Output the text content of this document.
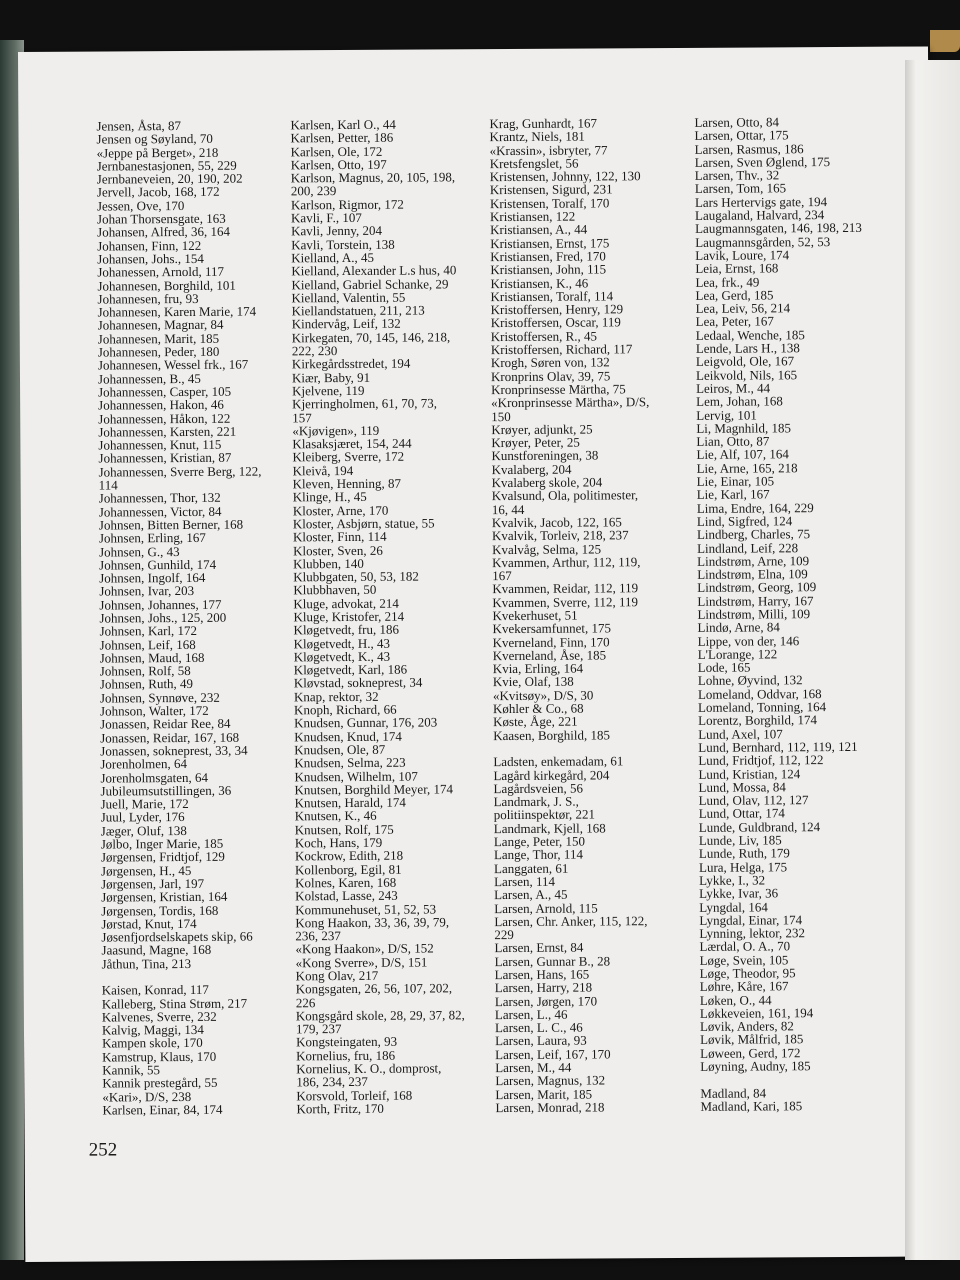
Jensen, Åsta, 87
Jensen og Søyland, 70
«Jeppe på Berget», 218
Jernbanestasjonen, 55, 229
Jernbaneveien, 20, 190, 202
Jervell, Jacob, 168, 172
Jessen, Ove, 170
Johan Thorsensgate, 163
Johansen, Alfred, 36, 164
Johansen, Finn, 122
Johansen, Johs., 154
Johanessen, Arnold, 117
Johannesen, Borghild, 101
Johannesen, fru, 93
Johannesen, Karen Marie, 174
Johannesen, Magnar, 84
Johannesen, Marit, 185
Johannesen, Peder, 180
Johannesen, Wessel frk., 167
Johannessen, B., 45
Johannessen, Casper, 105
Johannessen, Hakon, 46
Johannessen, Håkon, 122
Johannessen, Karsten, 221
Johannessen, Knut, 115
Johannessen, Kristian, 87
Johannessen, Sverre Berg, 122,
114
Johannessen, Thor, 132
Johannessen, Victor, 84
Johnsen, Bitten Berner, 168
Johnsen, Erling, 167
Johnsen, G., 43
Johnsen, Gunhild, 174
Johnsen, Ingolf, 164
Johnsen, Ivar, 203
Johnsen, Johannes, 177
Johnsen, Johs., 125, 200
Johnsen, Karl, 172
Johnsen, Leif, 168
Johnsen, Maud, 168
Johnsen, Rolf, 58
Johnsen, Ruth, 49
Johnsen, Synnøve, 232
Johnson, Walter, 172
Jonassen, Reidar Ree, 84
Jonassen, Reidar, 167, 168
Jonassen, sokneprest, 33, 34
Jorenholmen, 64
Jorenholmsgaten, 64
Jubileumsutstillingen, 36
Juell, Marie, 172
Juul, Lyder, 176
Jæger, Oluf, 138
Jølbo, Inger Marie, 185
Jørgensen, Fridtjof, 129
Jørgensen, H., 45
Jørgensen, Jarl, 197
Jørgensen, Kristian, 164
Jørgensen, Tordis, 168
Jørstad, Knut, 174
Jøsenfjordselskapets skip, 66
Jaasund, Magne, 168
Jåthun, Tina, 213
Kaisen, Konrad, 117
Kalleberg, Stina Strøm, 217
Kalvenes, Sverre, 232
Kalvig, Maggi, 134
Kampen skole, 170
Kamstrup, Klaus, 170
Kannik, 55
Kannik prestegård, 55
«Kari», D/S, 238
Karlsen, Einar, 84, 174
Karlsen, Karl O., 44
Karlsen, Petter, 186
Karlsen, Ole, 172
Karlsen, Otto, 197
Karlson, Magnus, 20, 105, 198,
200, 239
Karlson, Rigmor, 172
Kavli, F., 107
Kavli, Jenny, 204
Kavli, Torstein, 138
Kielland, A., 45
Kielland, Alexander L.s hus, 40
Kielland, Gabriel Schanke, 29
Kielland, Valentin, 55
Kiellandstatuen, 211, 213
Kindervåg, Leif, 132
Kirkegaten, 70, 145, 146, 218,
222, 230
Kirkegårdsstredet, 194
Kiær, Baby, 91
Kjelvene, 119
Kjerringholmen, 61, 70, 73,
157
«Kjøvigen», 119
Klasaksjæret, 154, 244
Kleiberg, Sverre, 172
Kleivå, 194
Kleven, Henning, 87
Klinge, H., 45
Kloster, Arne, 170
Kloster, Asbjørn, statue, 55
Kloster, Finn, 114
Kloster, Sven, 26
Klubben, 140
Klubbgaten, 50, 53, 182
Klubbhaven, 50
Kluge, advokat, 214
Kluge, Kristofer, 214
Kløgetvedt, fru, 186
Kløgetvedt, H., 43
Kløgetvedt, K., 43
Kløgetvedt, Karl, 186
Kløvstad, sokneprest, 34
Knap, rektor, 32
Knoph, Richard, 66
Knudsen, Gunnar, 176, 203
Knudsen, Knud, 174
Knudsen, Ole, 87
Knudsen, Selma, 223
Knudsen, Wilhelm, 107
Knutsen, Borghild Meyer, 174
Knutsen, Harald, 174
Knutsen, K., 46
Knutsen, Rolf, 175
Koch, Hans, 179
Kockrow, Edith, 218
Kollenborg, Egil, 81
Kolnes, Karen, 168
Kolstad, Lasse, 243
Kommunehuset, 51, 52, 53
Kong Haakon, 33, 36, 39, 79,
236, 237
«Kong Haakon», D/S, 152
«Kong Sverre», D/S, 151
Kong Olav, 217
Kongsgaten, 26, 56, 107, 202,
226
Kongsgård skole, 28, 29, 37, 82,
179, 237
Kongsteingaten, 93
Kornelius, fru, 186
Kornelius, K. O., domprost,
186, 234, 237
Korsvold, Torleif, 168
Korth, Fritz, 170
Krag, Gunhardt, 167
Krantz, Niels, 181
«Krassin», isbryter, 77
Kretsfengslet, 56
Kristensen, Johnny, 122, 130
Kristensen, Sigurd, 231
Kristensen, Toralf, 170
Kristiansen, 122
Kristiansen, A., 44
Kristiansen, Ernst, 175
Kristiansen, Fred, 170
Kristiansen, John, 115
Kristiansen, K., 46
Kristiansen, Toralf, 114
Kristoffersen, Henry, 129
Kristoffersen, Oscar, 119
Kristoffersen, R., 45
Kristoffersen, Richard, 117
Krogh, Søren von, 132
Kronprins Olav, 39, 75
Kronprinsesse Märtha, 75
«Kronprinsesse Märtha», D/S,
150
Krøyer, adjunkt, 25
Krøyer, Peter, 25
Kunstforeningen, 38
Kvalaberg, 204
Kvalaberg skole, 204
Kvalsund, Ola, politimester,
16, 44
Kvalvik, Jacob, 122, 165
Kvalvik, Torleiv, 218, 237
Kvalvåg, Selma, 125
Kvammen, Arthur, 112, 119,
167
Kvammen, Reidar, 112, 119
Kvammen, Sverre, 112, 119
Kvekerhuset, 51
Kvekersamfunnet, 175
Kverneland, Finn, 170
Kverneland, Åse, 185
Kvia, Erling, 164
Kvie, Olaf, 138
«Kvitsøy», D/S, 30
Køhler & Co., 68
Køste, Åge, 221
Kaasen, Borghild, 185
Ladsten, enkemadam, 61
Lagård kirkegård, 204
Lagårdsveien, 56
Landmark, J. S.,
politiinspektør, 221
Landmark, Kjell, 168
Lange, Peter, 150
Lange, Thor, 114
Langgaten, 61
Larsen, 114
Larsen, A., 45
Larsen, Arnold, 115
Larsen, Chr. Anker, 115, 122,
229
Larsen, Ernst, 84
Larsen, Gunnar B., 28
Larsen, Hans, 165
Larsen, Harry, 218
Larsen, Jørgen, 170
Larsen, L., 46
Larsen, L. C., 46
Larsen, Laura, 93
Larsen, Leif, 167, 170
Larsen, M., 44
Larsen, Magnus, 132
Larsen, Marit, 185
Larsen, Monrad, 218
Larsen, Otto, 84
Larsen, Ottar, 175
Larsen, Rasmus, 186
Larsen, Sven Øglend, 175
Larsen, Thv., 32
Larsen, Tom, 165
Lars Hertervigs gate, 194
Laugaland, Halvard, 234
Laugmannsgaten, 146, 198, 213
Laugmannsgården, 52, 53
Lavik, Loure, 174
Leia, Ernst, 168
Lea, frk., 49
Lea, Gerd, 185
Lea, Leiv, 56, 214
Lea, Peter, 167
Ledaal, Wenche, 185
Lende, Lars H., 138
Leigvold, Ole, 167
Leikvold, Nils, 165
Leiros, M., 44
Lem, Johan, 168
Lervig, 101
Li, Magnhild, 185
Lian, Otto, 87
Lie, Alf, 107, 164
Lie, Arne, 165, 218
Lie, Einar, 105
Lie, Karl, 167
Lima, Endre, 164, 229
Lind, Sigfred, 124
Lindberg, Charles, 75
Lindland, Leif, 228
Lindstrøm, Arne, 109
Lindstrøm, Elna, 109
Lindstrøm, Georg, 109
Lindstrøm, Harry, 167
Lindstrøm, Milli, 109
Lindø, Arne, 84
Lippe, von der, 146
L'Lorange, 122
Lode, 165
Lohne, Øyvind, 132
Lomeland, Oddvar, 168
Lomeland, Tonning, 164
Lorentz, Borghild, 174
Lund, Axel, 107
Lund, Bernhard, 112, 119, 121
Lund, Fridtjof, 112, 122
Lund, Kristian, 124
Lund, Mossa, 84
Lund, Olav, 112, 127
Lund, Ottar, 174
Lunde, Guldbrand, 124
Lunde, Liv, 185
Lunde, Ruth, 179
Lura, Helga, 175
Lykke, I., 32
Lykke, Ivar, 36
Lyngdal, 164
Lyngdal, Einar, 174
Lynning, lektor, 232
Lærdal, O. A., 70
Løge, Svein, 105
Løge, Theodor, 95
Løhre, Kåre, 167
Løken, O., 44
Løkkeveien, 161, 194
Løvik, Anders, 82
Løvik, Målfrid, 185
Løween, Gerd, 172
Løyning, Audny, 185
Madland, 84
Madland, Kari, 185
252
